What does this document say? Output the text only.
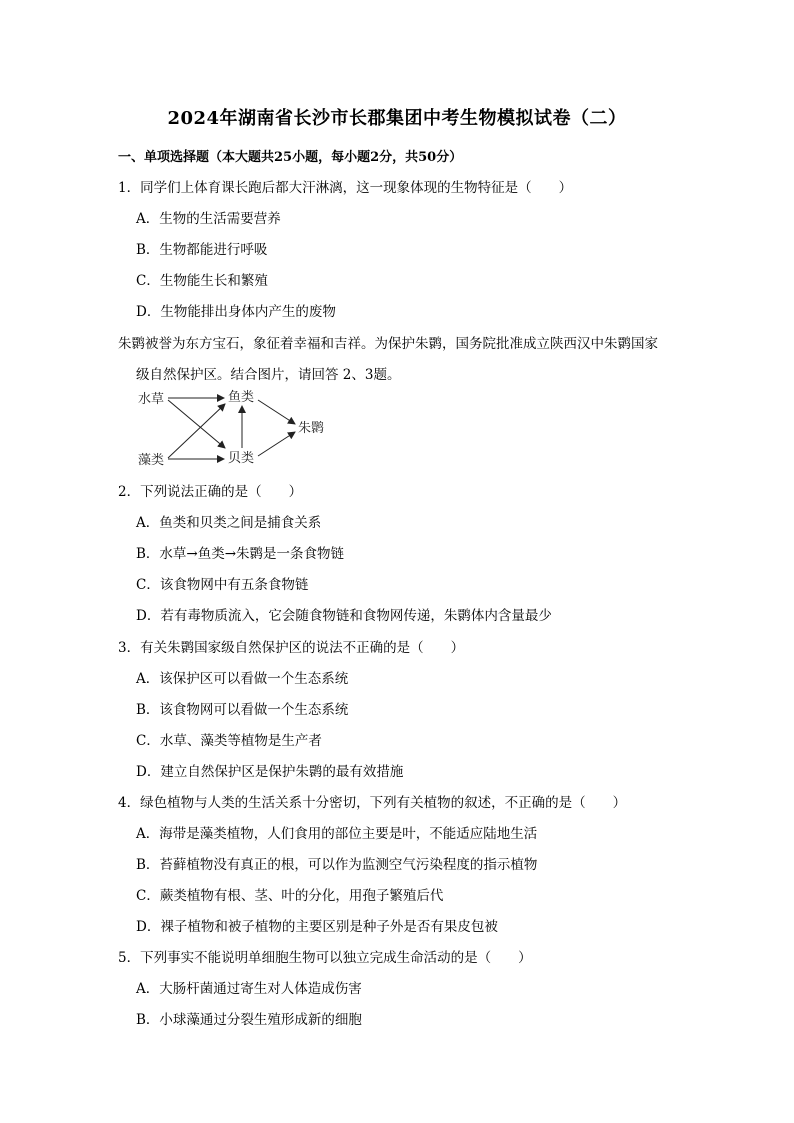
2024年湖南省长沙市长郡集团中考生物模拟试卷（二）
一、单项选择题（本大题共25小题，每小题2分，共50分）
1．同学们上体育课长跑后都大汗淋漓，这一现象体现的生物特征是（　　）
A．生物的生活需要营养
B．生物都能进行呼吸
C．生物能生长和繁殖
D．生物能排出身体内产生的废物
朱鹮被誉为东方宝石，象征着幸福和吉祥。为保护朱鹮，国务院批准成立陕西汉中朱鹮国家
级自然保护区。结合图片，请回答 2、3题。
水草
藻类
鱼类
贝类
朱鹮
2．下列说法正确的是（　　）
A．鱼类和贝类之间是捕食关系
B．水草→鱼类→朱鹮是一条食物链
C．该食物网中有五条食物链
D．若有毒物质流入，它会随食物链和食物网传递，朱鹮体内含量最少
3．有关朱鹮国家级自然保护区的说法不正确的是（　　）
A．该保护区可以看做一个生态系统
B．该食物网可以看做一个生态系统
C．水草、藻类等植物是生产者
D．建立自然保护区是保护朱鹮的最有效措施
4．绿色植物与人类的生活关系十分密切，下列有关植物的叙述，不正确的是（　　）
A．海带是藻类植物，人们食用的部位主要是叶，不能适应陆地生活
B．苔藓植物没有真正的根，可以作为监测空气污染程度的指示植物
C．蕨类植物有根、茎、叶的分化，用孢子繁殖后代
D．裸子植物和被子植物的主要区别是种子外是否有果皮包被
5．下列事实不能说明单细胞生物可以独立完成生命活动的是（　　）
A．大肠杆菌通过寄生对人体造成伤害
B．小球藻通过分裂生殖形成新的细胞
